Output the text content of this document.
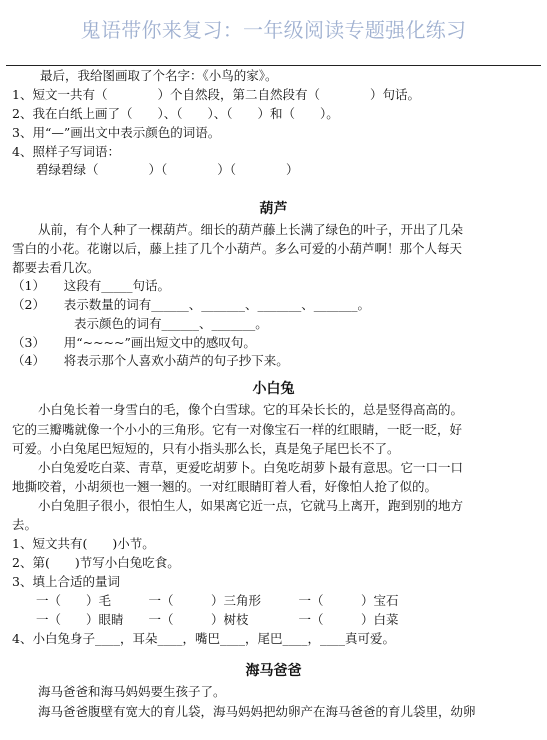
鬼语带你来复习：一年级阅读专题强化练习
最后，我给图画取了个名字：《小鸟的家》。
1、短文一共有（　　　　）个自然段，第二自然段有（　　　　）句话。
2、我在白纸上画了（　　）、（　　）、（　　）和（　　）。
3、用“—”画出文中表示颜色的词语。
4、照样子写词语：
碧绿碧绿（　　　　）（　　　　）（　　　　）
葫芦
从前，有个人种了一棵葫芦。细长的葫芦藤上长满了绿色的叶子，开出了几朵
雪白的小花。花谢以后，藤上挂了几个小葫芦。多么可爱的小葫芦啊！那个人每天
都要去看几次。
（1）　　这段有_____句话。
（2）　　表示数量的词有______、_______、_______、_______。
表示颜色的词有______、_______。
（3）　　用“~~~~”画出短文中的感叹句。
（4）　　将表示那个人喜欢小葫芦的句子抄下来。
小白兔
小白兔长着一身雪白的毛，像个白雪球。它的耳朵长长的，总是竖得高高的。
它的三瓣嘴就像一个小小的三角形。它有一对像宝石一样的红眼睛，一眨一眨，好
可爱。小白兔尾巴短短的，只有小指头那么长，真是兔子尾巴长不了。
小白兔爱吃白菜、青草，更爱吃胡萝卜。白兔吃胡萝卜最有意思。它一口一口
地撕咬着，小胡须也一翘一翘的。一对红眼睛盯着人看，好像怕人抢了似的。
小白兔胆子很小，很怕生人，如果离它近一点，它就马上离开，跑到别的地方
去。
1、短文共有(　　)小节。
2、第(　　)节写小白兔吃食。
3、填上合适的量词
一（　　）毛　　　一（　　　）三角形　　　一（　　　）宝石
一（　　）眼睛　　一（　　　）树枝　　　　一（　　　）白菜
4、小白兔身子____，耳朵____，嘴巴____，尾巴____，____真可爱。
海马爸爸
海马爸爸和海马妈妈要生孩子了。
海马爸爸腹壁有宽大的育儿袋，海马妈妈把幼卵产在海马爸爸的育儿袋里，幼卵
